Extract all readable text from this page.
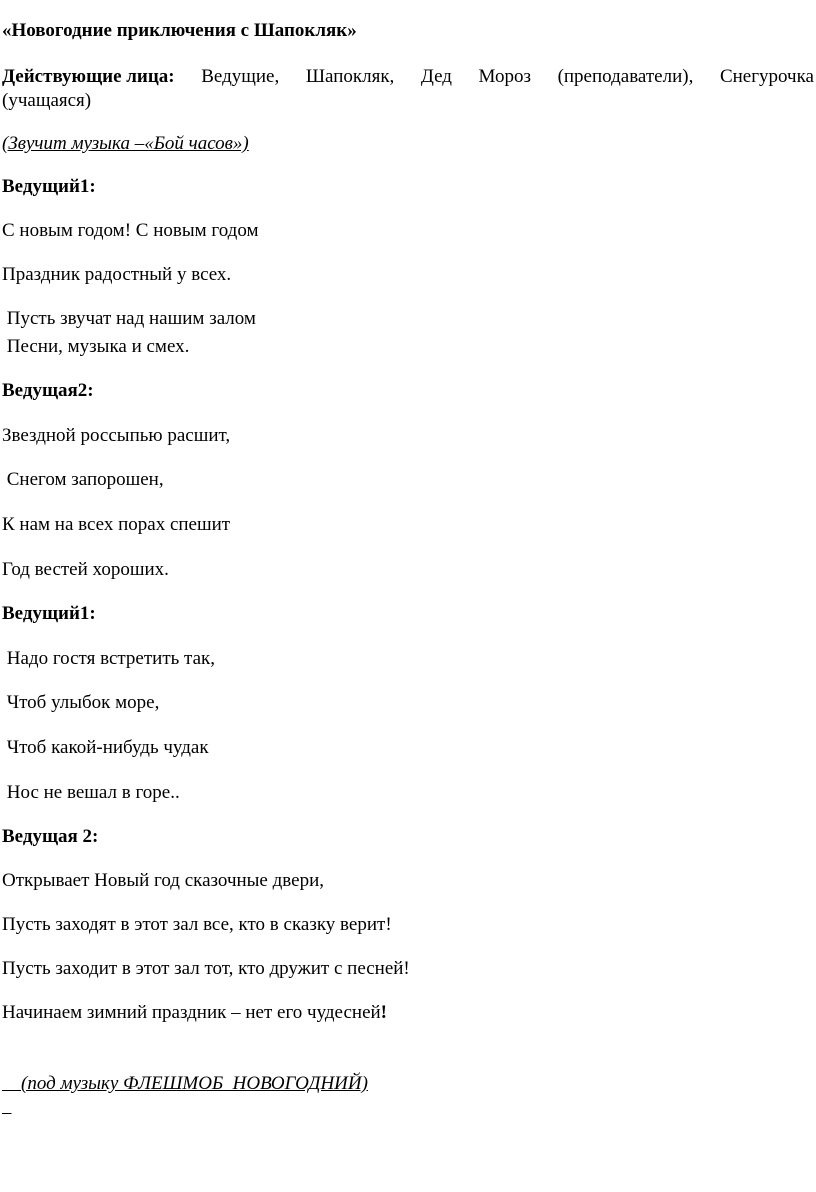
«Новогодние приключения с Шапокляк»
Действующие лица: Ведущие, Шапокляк, Дед Мороз (преподаватели), Снегурочка
(учащаяся)
(Звучит музыка –«Бой часов»)
Ведущий1:
С новым годом! С новым годом
Праздник радостный у всех.
Пусть звучат над нашим залом
Песни, музыка и смех.
Ведущая2:
Звездной россыпью расшит,
Снегом запорошен,
К нам на всех порах спешит
Год вестей хороших.
Ведущий1:
Надо гостя встретить так,
Чтоб улыбок море,
Чтоб какой-нибудь чудак
Нос не вешал в горе..
Ведущая 2:
Открывает Новый год сказочные двери,
Пусть заходят в этот зал все, кто в сказку верит!
Пусть заходит в этот зал тот, кто дружит с песней!
Начинаем зимний праздник – нет его чудесней!

(под музыку ФЛЕШМОБ  НОВОГОДНИЙ)
